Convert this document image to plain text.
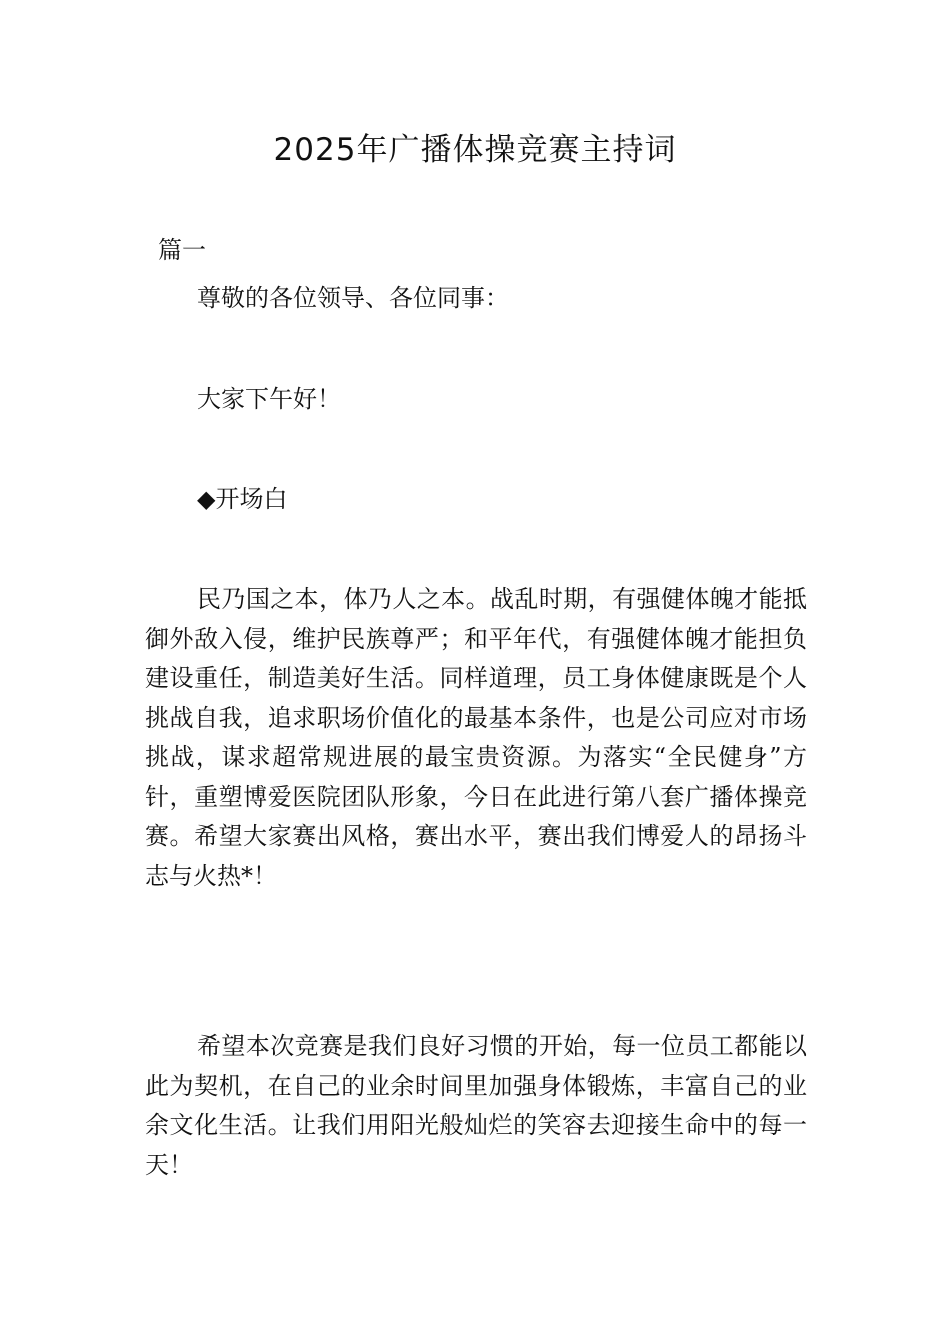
2025年广播体操竞赛主持词

篇一

尊敬的各位领导、各位同事：

大家下午好！

◆开场白

民乃国之本，体乃人之本。战乱时期，有强健体魄才能抵御外敌入侵，维护民族尊严；和平年代，有强健体魄才能担负建设重任，制造美好生活。同样道理，员工身体健康既是个人挑战自我，追求职场价值化的最基本条件，也是公司应对市场挑战，谋求超常规进展的最宝贵资源。为落实“全民健身”方针，重塑博爱医院团队形象，今日在此进行第八套广播体操竞赛。希望大家赛出风格，赛出水平，赛出我们博爱人的昂扬斗志与火热*！

希望本次竞赛是我们良好习惯的开始，每一位员工都能以此为契机，在自己的业余时间里加强身体锻炼，丰富自己的业余文化生活。让我们用阳光般灿烂的笑容去迎接生命中的每一天！
